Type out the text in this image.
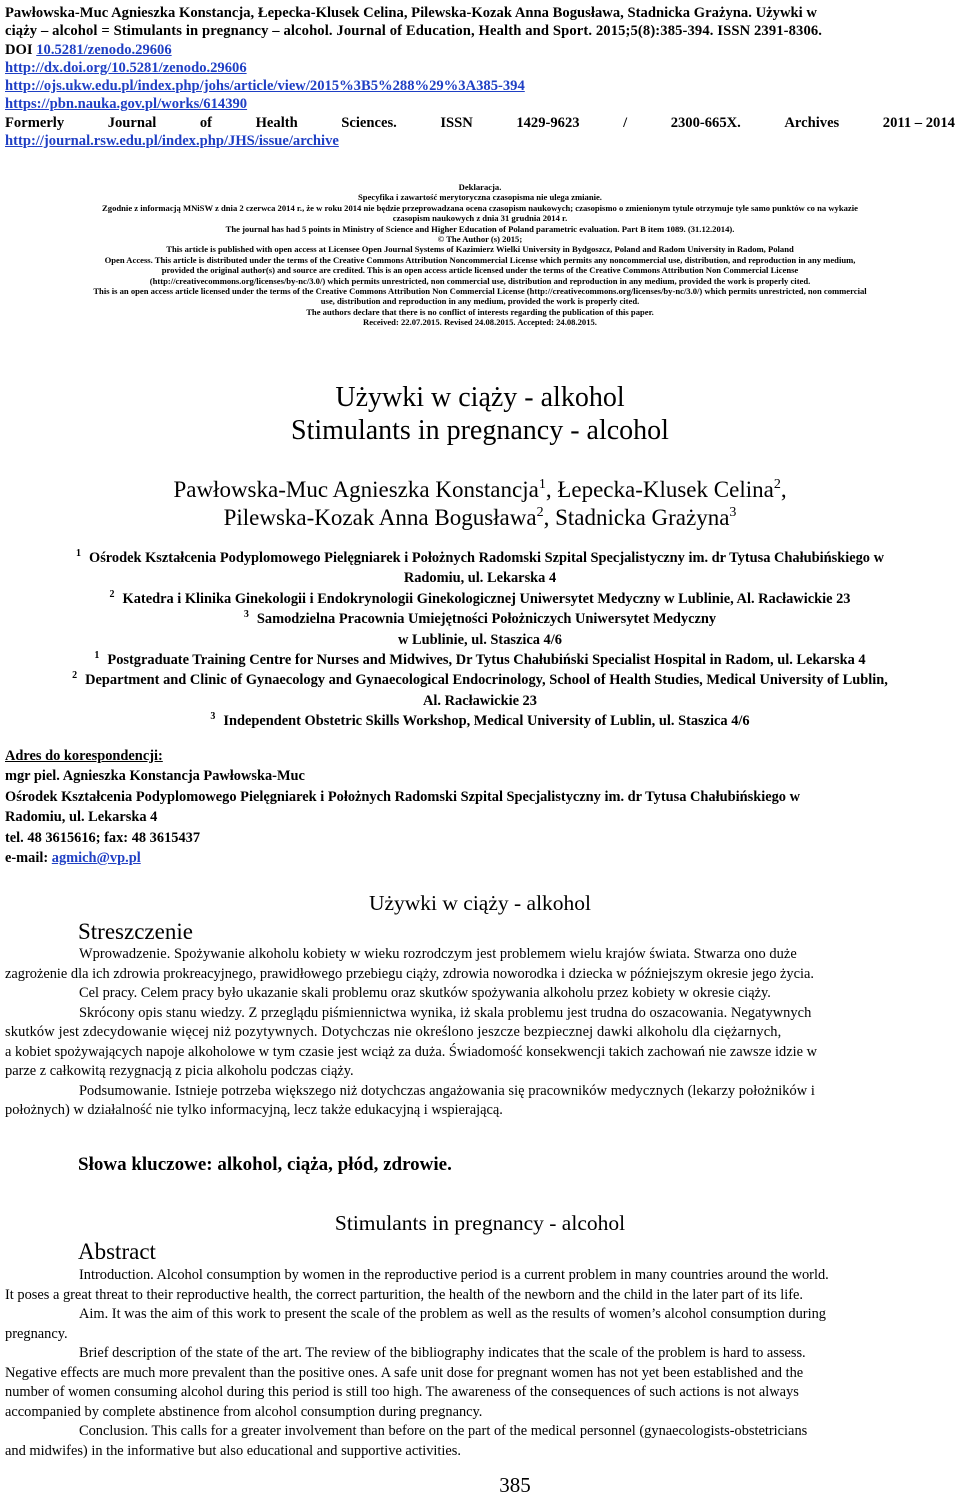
Pawłowska-Muc Agnieszka Konstancja, Łepecka-Klusek Celina, Pilewska-Kozak Anna Bogusława, Stadnicka Grażyna. Używki w
ciąży – alcohol = Stimulants in pregnancy – alcohol. Journal of Education, Health and Sport. 2015;5(8):385-394. ISSN 2391-8306.
DOI 10.5281/zenodo.29606
http://dx.doi.org/10.5281/zenodo.29606
http://ojs.ukw.edu.pl/index.php/johs/article/view/2015%3B5%288%29%3A385-394
https://pbn.nauka.gov.pl/works/614390
Formerly	Journal	of	Health	Sciences.	ISSN	1429-9623	/	2300-665X.	Archives	2011 – 2014
http://journal.rsw.edu.pl/index.php/JHS/issue/archive
Deklaracja.
Specyfika i zawartość merytoryczna czasopisma nie ulega zmianie.
Zgodnie z informacją MNiSW z dnia 2 czerwca 2014 r., że w roku 2014 nie będzie przeprowadzana ocena czasopism naukowych; czasopismo o zmienionym tytule otrzymuje tyle samo punktów co na wykazie
czasopism naukowych z dnia 31 grudnia 2014 r.
The journal has had 5 points in Ministry of Science and Higher Education of Poland parametric evaluation. Part B item 1089. (31.12.2014).
© The Author (s) 2015;
This article is published with open access at Licensee Open Journal Systems of Kazimierz Wielki University in Bydgoszcz, Poland and Radom University in Radom, Poland
Open Access. This article is distributed under the terms of the Creative Commons Attribution Noncommercial License which permits any noncommercial use, distribution, and reproduction in any medium,
provided the original author(s) and source are credited. This is an open access article licensed under the terms of the Creative Commons Attribution Non Commercial License
(http://creativecommons.org/licenses/by-nc/3.0/) which permits unrestricted, non commercial use, distribution and reproduction in any medium, provided the work is properly cited.
This is an open access article licensed under the terms of the Creative Commons Attribution Non Commercial License (http://creativecommons.org/licenses/by-nc/3.0/) which permits unrestricted, non commercial
use, distribution and reproduction in any medium, provided the work is properly cited.
The authors declare that there is no conflict of interests regarding the publication of this paper.
Received: 22.07.2015. Revised 24.08.2015. Accepted: 24.08.2015.
Używki w ciąży - alkohol
Stimulants in pregnancy - alcohol
Pawłowska-Muc Agnieszka Konstancja$^1$, Łepecka-Klusek Celina$^2$,
Pilewska-Kozak Anna Bogusława$^2$, Stadnicka Grażyna$^3$
$^1$ Ośrodek Kształcenia Podyplomowego Pielęgniarek i Położnych Radomski Szpital Specjalistyczny im. dr Tytusa Chałubińskiego w
Radomiu, ul. Lekarska 4
$^2$ Katedra i Klinika Ginekologii i Endokrynologii Ginekologicznej Uniwersytet Medyczny w Lublinie, Al. Racławickie 23
$^3$ Samodzielna Pracownia Umiejętności Położniczych Uniwersytet Medyczny
w Lublinie, ul. Staszica 4/6
$^1$ Postgraduate Training Centre for Nurses and Midwives, Dr Tytus Chałubiński Specialist Hospital in Radom, ul. Lekarska 4
$^2$ Department and Clinic of Gynaecology and Gynaecological Endocrinology, School of Health Studies, Medical University of Lublin,
Al. Racławickie 23
$^3$ Independent Obstetric Skills Workshop, Medical University of Lublin, ul. Staszica 4/6
Adres do korespondencji:
mgr piel. Agnieszka Konstancja Pawłowska-Muc
Ośrodek Kształcenia Podyplomowego Pielęgniarek i Położnych Radomski Szpital Specjalistyczny im. dr Tytusa Chałubińskiego w
Radomiu, ul. Lekarska 4
tel. 48 3615616; fax: 48 3615437
e-mail: agmich@vp.pl
Używki w ciąży - alkohol
Streszczenie
Wprowadzenie. Spożywanie alkoholu kobiety w wieku rozrodczym jest problemem wielu krajów świata. Stwarza ono duże
zagrożenie dla ich zdrowia prokreacyjnego, prawidłowego przebiegu ciąży, zdrowia noworodka i dziecka w późniejszym okresie jego życia.
Cel pracy. Celem pracy było ukazanie skali problemu oraz skutków spożywania alkoholu przez kobiety w okresie ciąży.
Skrócony opis stanu wiedzy. Z przeglądu piśmiennictwa wynika, iż skala problemu jest trudna do oszacowania. Negatywnych
skutków jest zdecydowanie więcej niż pozytywnych. Dotychczas nie określono jeszcze bezpiecznej dawki alkoholu dla ciężarnych,
a kobiet spożywających napoje alkoholowe w tym czasie jest wciąż za duża. Świadomość konsekwencji takich zachowań nie zawsze idzie w
parze z całkowitą rezygnacją z picia alkoholu podczas ciąży.
Podsumowanie. Istnieje potrzeba większego niż dotychczas angażowania się pracowników medycznych (lekarzy położników i
położnych) w działalność nie tylko informacyjną, lecz także edukacyjną i wspierającą.
Słowa kluczowe: alkohol, ciąża, płód, zdrowie.
Stimulants in pregnancy - alcohol
Abstract
Introduction. Alcohol consumption by women in the reproductive period is a current problem in many countries around the world.
It poses a great threat to their reproductive health, the correct parturition, the health of the newborn and the child in the later part of its life.
Aim. It was the aim of this work to present the scale of the problem as well as the results of women’s alcohol consumption during
pregnancy.
Brief description of the state of the art. The review of the bibliography indicates that the scale of the problem is hard to assess.
Negative effects are much more prevalent than the positive ones. A safe unit dose for pregnant women has not yet been established and the
number of women consuming alcohol during this period is still too high. The awareness of the consequences of such actions is not always
accompanied by complete abstinence from alcohol consumption during pregnancy.
Conclusion. This calls for a greater involvement than before on the part of the medical personnel (gynaecologists-obstetricians
and midwifes) in the informative but also educational and supportive activities.
385
